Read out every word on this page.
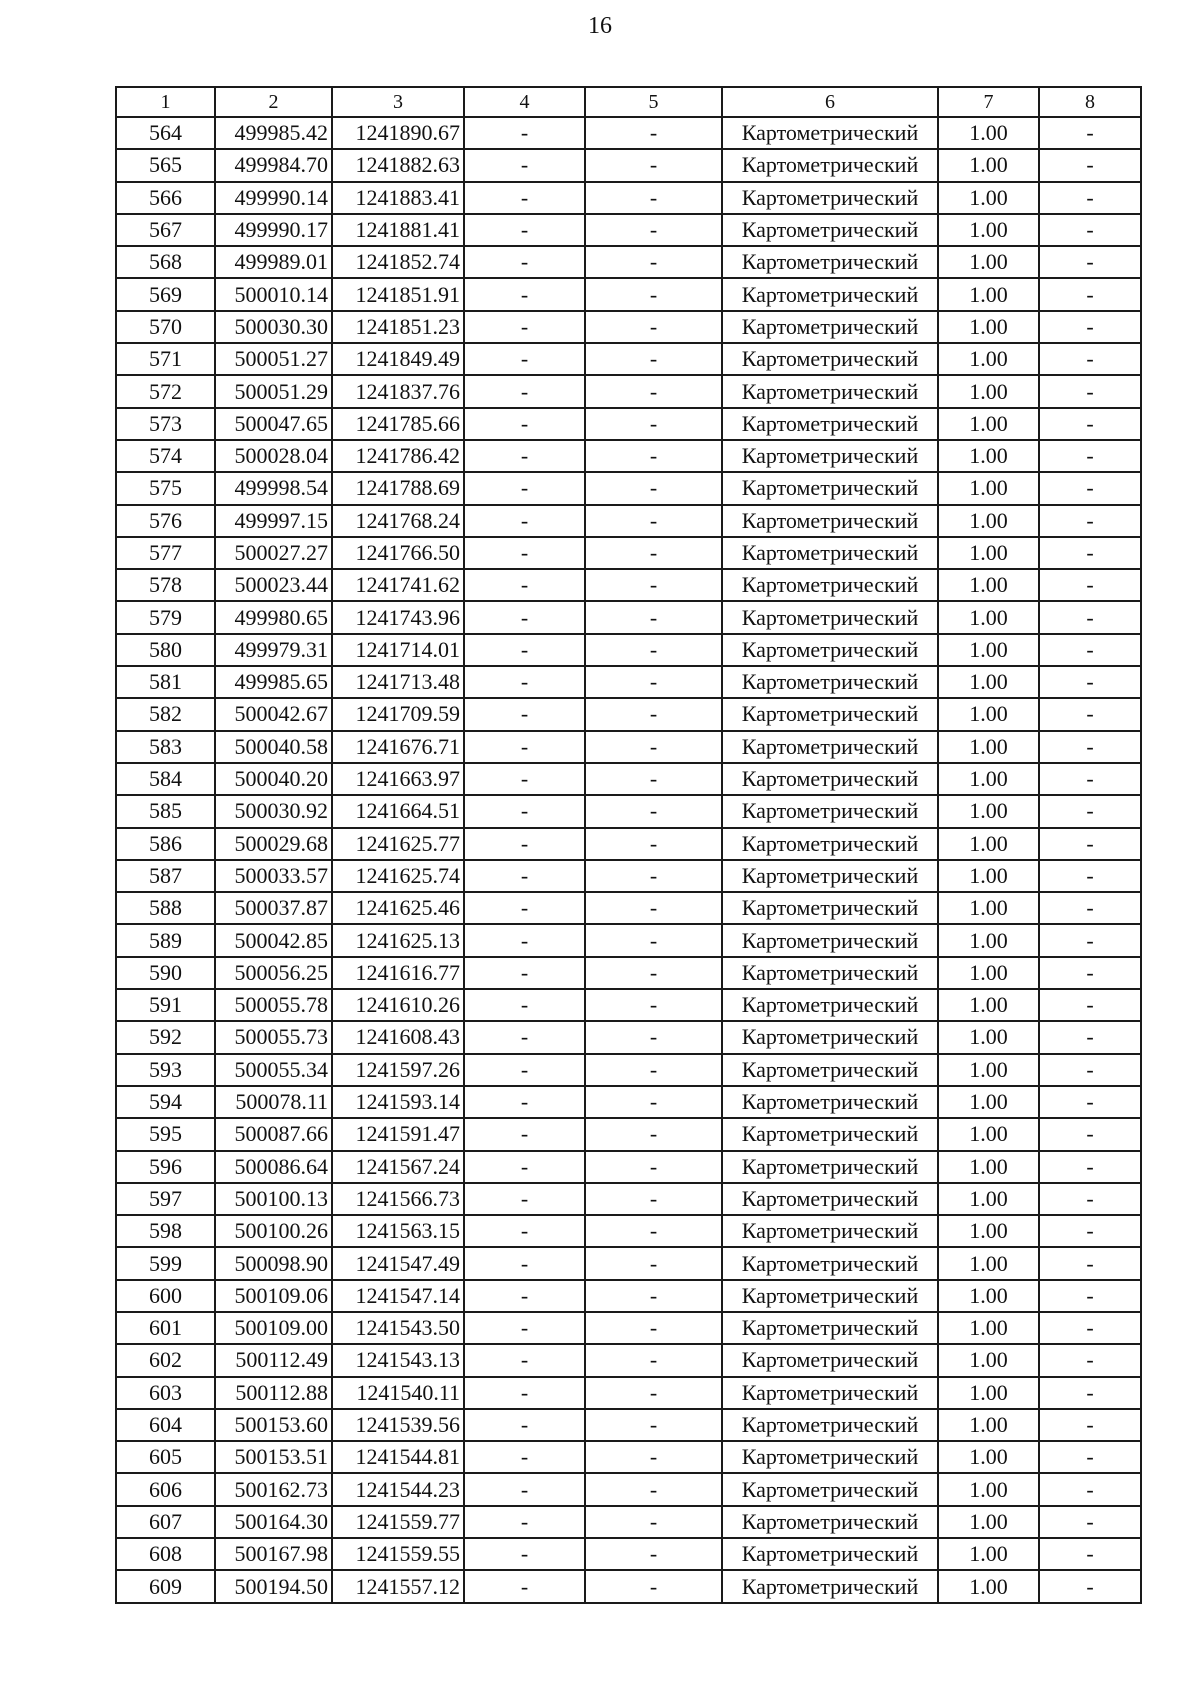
16
1	2	3	4	5	6	7	8
564	499985.42	1241890.67	-	-	Картометрический	1.00	-
565	499984.70	1241882.63	-	-	Картометрический	1.00	-
566	499990.14	1241883.41	-	-	Картометрический	1.00	-
567	499990.17	1241881.41	-	-	Картометрический	1.00	-
568	499989.01	1241852.74	-	-	Картометрический	1.00	-
569	500010.14	1241851.91	-	-	Картометрический	1.00	-
570	500030.30	1241851.23	-	-	Картометрический	1.00	-
571	500051.27	1241849.49	-	-	Картометрический	1.00	-
572	500051.29	1241837.76	-	-	Картометрический	1.00	-
573	500047.65	1241785.66	-	-	Картометрический	1.00	-
574	500028.04	1241786.42	-	-	Картометрический	1.00	-
575	499998.54	1241788.69	-	-	Картометрический	1.00	-
576	499997.15	1241768.24	-	-	Картометрический	1.00	-
577	500027.27	1241766.50	-	-	Картометрический	1.00	-
578	500023.44	1241741.62	-	-	Картометрический	1.00	-
579	499980.65	1241743.96	-	-	Картометрический	1.00	-
580	499979.31	1241714.01	-	-	Картометрический	1.00	-
581	499985.65	1241713.48	-	-	Картометрический	1.00	-
582	500042.67	1241709.59	-	-	Картометрический	1.00	-
583	500040.58	1241676.71	-	-	Картометрический	1.00	-
584	500040.20	1241663.97	-	-	Картометрический	1.00	-
585	500030.92	1241664.51	-	-	Картометрический	1.00	-
586	500029.68	1241625.77	-	-	Картометрический	1.00	-
587	500033.57	1241625.74	-	-	Картометрический	1.00	-
588	500037.87	1241625.46	-	-	Картометрический	1.00	-
589	500042.85	1241625.13	-	-	Картометрический	1.00	-
590	500056.25	1241616.77	-	-	Картометрический	1.00	-
591	500055.78	1241610.26	-	-	Картометрический	1.00	-
592	500055.73	1241608.43	-	-	Картометрический	1.00	-
593	500055.34	1241597.26	-	-	Картометрический	1.00	-
594	500078.11	1241593.14	-	-	Картометрический	1.00	-
595	500087.66	1241591.47	-	-	Картометрический	1.00	-
596	500086.64	1241567.24	-	-	Картометрический	1.00	-
597	500100.13	1241566.73	-	-	Картометрический	1.00	-
598	500100.26	1241563.15	-	-	Картометрический	1.00	-
599	500098.90	1241547.49	-	-	Картометрический	1.00	-
600	500109.06	1241547.14	-	-	Картометрический	1.00	-
601	500109.00	1241543.50	-	-	Картометрический	1.00	-
602	500112.49	1241543.13	-	-	Картометрический	1.00	-
603	500112.88	1241540.11	-	-	Картометрический	1.00	-
604	500153.60	1241539.56	-	-	Картометрический	1.00	-
605	500153.51	1241544.81	-	-	Картометрический	1.00	-
606	500162.73	1241544.23	-	-	Картометрический	1.00	-
607	500164.30	1241559.77	-	-	Картометрический	1.00	-
608	500167.98	1241559.55	-	-	Картометрический	1.00	-
609	500194.50	1241557.12	-	-	Картометрический	1.00	-
